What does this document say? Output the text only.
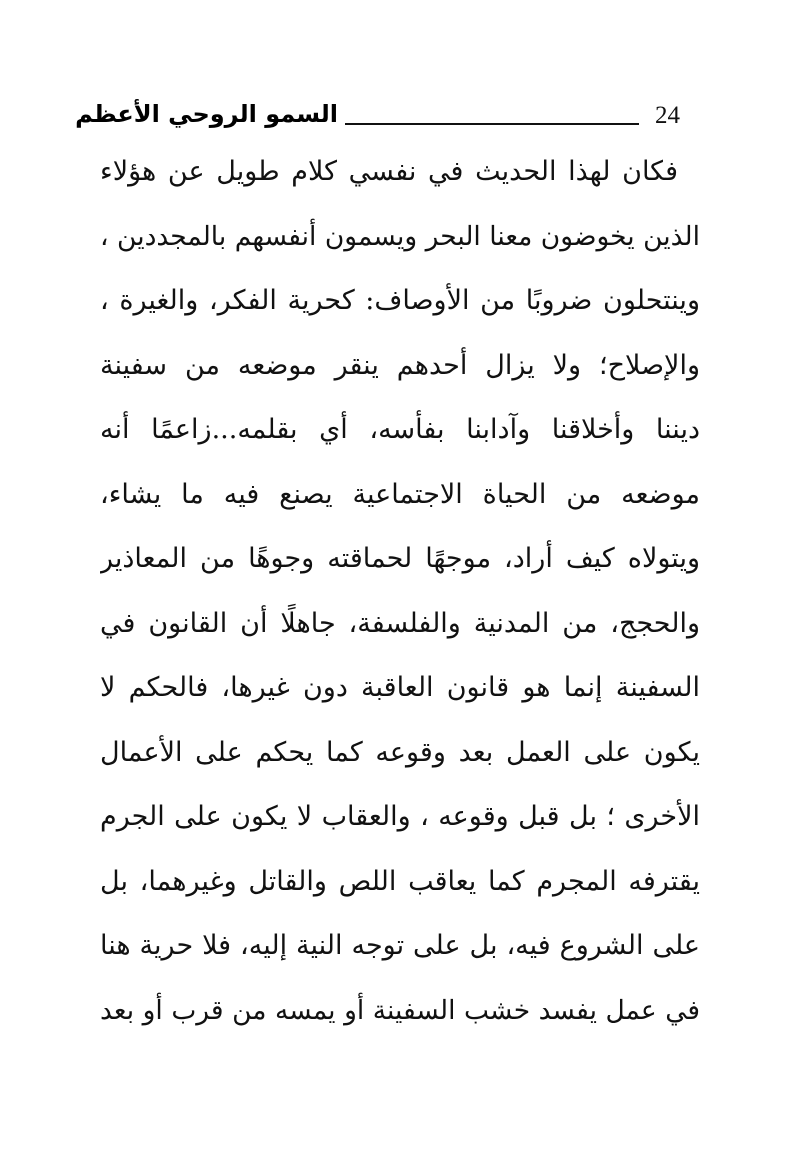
24
السمو الروحي الأعظم
فكان لهذا الحديث في نفسي كلام طويل عن هؤلاء
الذين يخوضون معنا البحر ويسمون أنفسهم بالمجددين ،
وينتحلون ضروبًا من الأوصاف: كحرية الفكر، والغيرة ،
والإصلاح؛ ولا يزال أحدهم ينقر موضعه من سفينة
ديننا وأخلاقنا وآدابنا بفأسه، أي بقلمه...زاعمًا أنه
موضعه من الحياة الاجتماعية يصنع فيه ما يشاء،
ويتولاه كيف أراد، موجهًا لحماقته وجوهًا من المعاذير
والحجج، من المدنية والفلسفة، جاهلًا أن القانون في
السفينة إنما هو قانون العاقبة دون غيرها، فالحكم لا
يكون على العمل بعد وقوعه كما يحكم على الأعمال
الأخرى ؛ بل قبل وقوعه ، والعقاب لا يكون على الجرم
يقترفه المجرم كما يعاقب اللص والقاتل وغيرهما، بل
على الشروع فيه، بل على توجه النية إليه، فلا حرية هنا
في عمل يفسد خشب السفينة أو يمسه من قرب أو بعد
